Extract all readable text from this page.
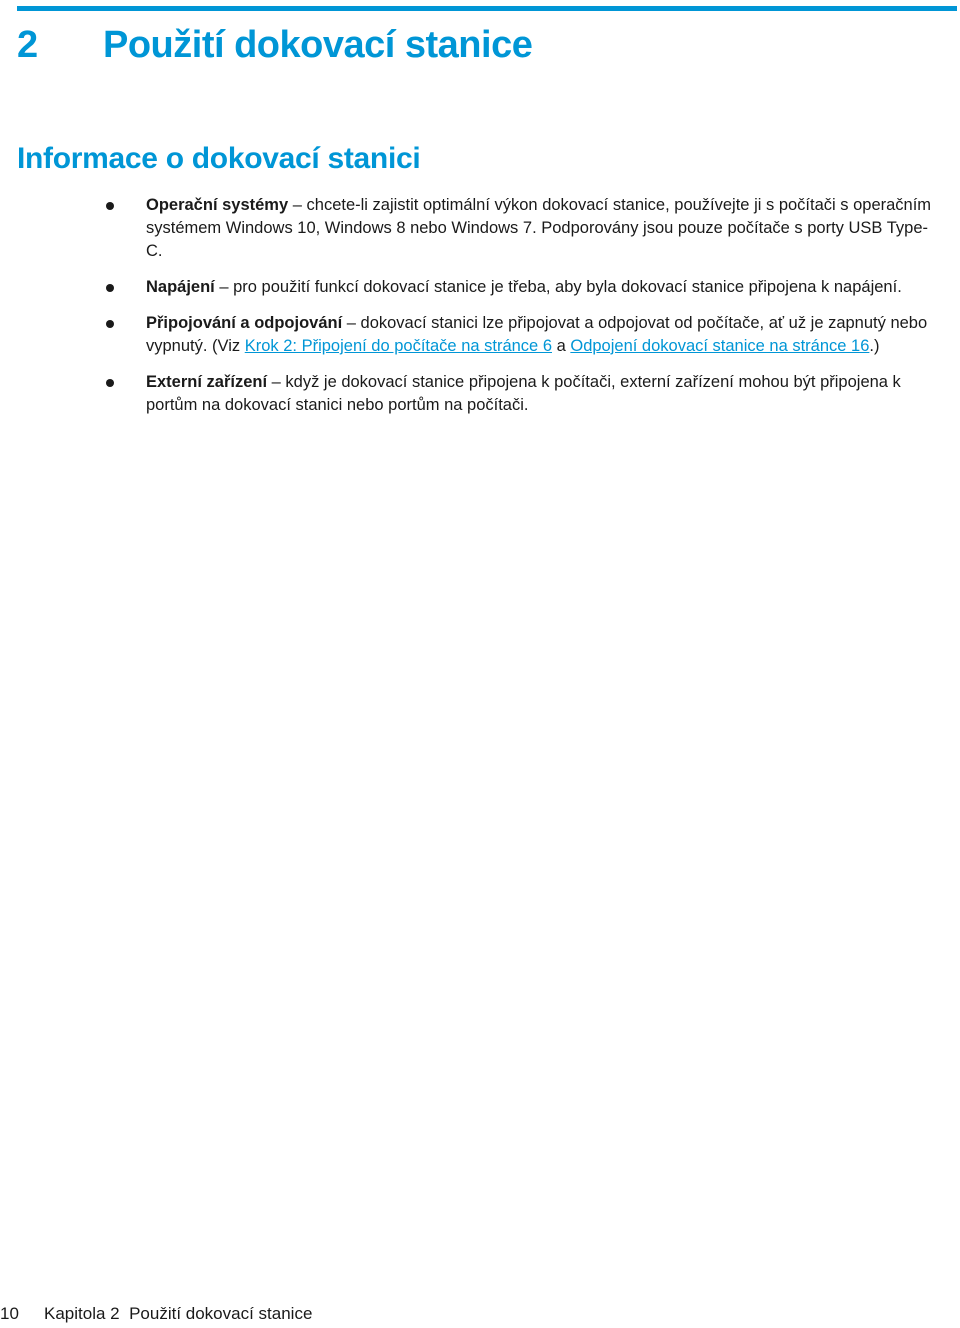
2 Použití dokovací stanice
Informace o dokovací stanici
Operační systémy – chcete-li zajistit optimální výkon dokovací stanice, používejte ji s počítači s operačním systémem Windows 10, Windows 8 nebo Windows 7. Podporovány jsou pouze počítače s porty USB Type-C.
Napájení – pro použití funkcí dokovací stanice je třeba, aby byla dokovací stanice připojena k napájení.
Připojování a odpojování – dokovací stanici lze připojovat a odpojovat od počítače, ať už je zapnutý nebo vypnutý. (Viz Krok 2: Připojení do počítače na stránce 6 a Odpojení dokovací stanice na stránce 16.)
Externí zařízení – když je dokovací stanice připojena k počítači, externí zařízení mohou být připojena k portům na dokovací stanici nebo portům na počítači.
10 Kapitola 2 Použití dokovací stanice
